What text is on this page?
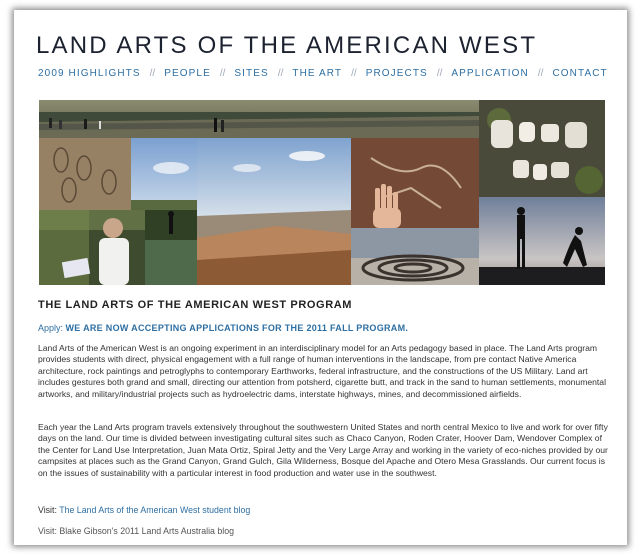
LAND ARTS OF THE AMERICAN WEST
2009 HIGHLIGHTS // PEOPLE // SITES // THE ART // PROJECTS // APPLICATION // CONTACT
THE LAND ARTS OF THE AMERICAN WEST PROGRAM
Apply: WE ARE NOW ACCEPTING APPLICATIONS FOR THE 2011 FALL PROGRAM.

Land Arts of the American West is an ongoing experiment in an interdisciplinary model for an Arts pedagogy based in place. The Land Arts program provides students with direct, physical engagement with a full range of human interventions in the landscape, from pre contact Native America architecture, rock paintings and petroglyphs to contemporary Earthworks, federal infrastructure, and the constructions of the US Military. Land art includes gestures both grand and small, directing our attention from potsherd, cigarette butt, and track in the sand to human settlements, monumental artworks, and military/industrial projects such as hydroelectric dams, interstate highways, mines, and decommissioned airfields.

Each year the Land Arts program travels extensively throughout the southwestern United States and north central Mexico to live and work for over fifty days on the land. Our time is divided between investigating cultural sites such as Chaco Canyon, Roden Crater, Hoover Dam, Wendover Complex of the Center for Land Use Interpretation, Juan Mata Ortiz, Spiral Jetty and the Very Large Array and working in the variety of eco-niches provided by our campsites at places such as the Grand Canyon, Grand Gulch, Gila Wilderness, Bosque del Apache and Otero Mesa Grasslands. Our current focus is on the issues of sustainability with a particular interest in food production and water use in the southwest.

Visit: The Land Arts of the American West student blog
Visit: Blake Gibson's 2011 Land Arts Australia blog
